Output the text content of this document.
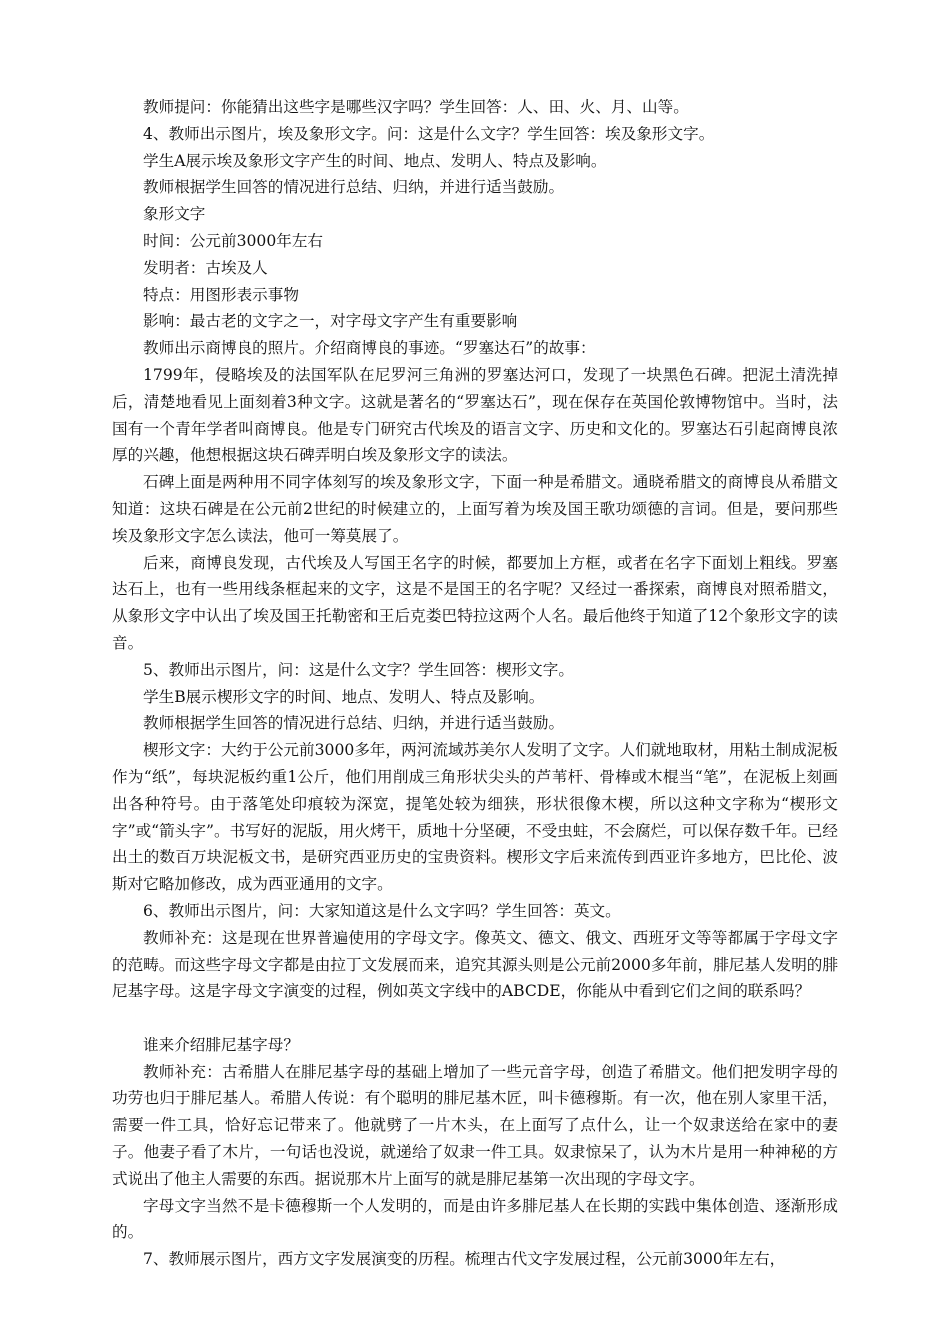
教师提问：你能猜出这些字是哪些汉字吗？学生回答：人、田、火、月、山等。

4、教师出示图片，埃及象形文字。问：这是什么文字？学生回答：埃及象形文字。

学生A展示埃及象形文字产生的时间、地点、发明人、特点及影响。

教师根据学生回答的情况进行总结、归纳，并进行适当鼓励。

象形文字

时间：公元前3000年左右

发明者：古埃及人

特点：用图形表示事物

影响：最古老的文字之一，对字母文字产生有重要影响

教师出示商博良的照片。介绍商博良的事迹。“罗塞达石”的故事：

1799年，侵略埃及的法国军队在尼罗河三角洲的罗塞达河口，发现了一块黑色石碑。把泥土清洗掉后，清楚地看见上面刻着3种文字。这就是著名的“罗塞达石”，现在保存在英国伦敦博物馆中。当时，法国有一个青年学者叫商博良。他是专门研究古代埃及的语言文字、历史和文化的。罗塞达石引起商博良浓厚的兴趣，他想根据这块石碑弄明白埃及象形文字的读法。

石碑上面是两种用不同字体刻写的埃及象形文字，下面一种是希腊文。通晓希腊文的商博良从希腊文知道：这块石碑是在公元前2世纪的时候建立的，上面写着为埃及国王歌功颂德的言词。但是，要问那些埃及象形文字怎么读法，他可一筹莫展了。

后来，商博良发现，古代埃及人写国王名字的时候，都要加上方框，或者在名字下面划上粗线。罗塞达石上，也有一些用线条框起来的文字，这是不是国王的名字呢？又经过一番探索，商博良对照希腊文，从象形文字中认出了埃及国王托勒密和王后克娄巴特拉这两个人名。最后他终于知道了12个象形文字的读音。

5、教师出示图片，问：这是什么文字？学生回答：楔形文字。

学生B展示楔形文字的时间、地点、发明人、特点及影响。

教师根据学生回答的情况进行总结、归纳，并进行适当鼓励。

楔形文字：大约于公元前3000多年，两河流域苏美尔人发明了文字。人们就地取材，用粘土制成泥板作为“纸”，每块泥板约重1公斤，他们用削成三角形状尖头的芦苇杆、骨棒或木棍当“笔”，在泥板上刻画出各种符号。由于落笔处印痕较为深宽，提笔处较为细狭，形状很像木楔，所以这种文字称为“楔形文字”或“箭头字”。书写好的泥版，用火烤干，质地十分坚硬，不受虫蛀，不会腐烂，可以保存数千年。已经出土的数百万块泥板文书，是研究西亚历史的宝贵资料。楔形文字后来流传到西亚许多地方，巴比伦、波斯对它略加修改，成为西亚通用的文字。

6、教师出示图片，问：大家知道这是什么文字吗？学生回答：英文。

教师补充：这是现在世界普遍使用的字母文字。像英文、德文、俄文、西班牙文等等都属于字母文字的范畴。而这些字母文字都是由拉丁文发展而来，追究其源头则是公元前2000多年前，腓尼基人发明的腓尼基字母。这是字母文字演变的过程，例如英文字线中的ABCDE，你能从中看到它们之间的联系吗？

谁来介绍腓尼基字母？

教师补充：古希腊人在腓尼基字母的基础上增加了一些元音字母，创造了希腊文。他们把发明字母的功劳也归于腓尼基人。希腊人传说：有个聪明的腓尼基木匠，叫卡德穆斯。有一次，他在别人家里干活，需要一件工具，恰好忘记带来了。他就劈了一片木头，在上面写了点什么，让一个奴隶送给在家中的妻子。他妻子看了木片，一句话也没说，就递给了奴隶一件工具。奴隶惊呆了，认为木片是用一种神秘的方式说出了他主人需要的东西。据说那木片上面写的就是腓尼基第一次出现的字母文字。

字母文字当然不是卡德穆斯一个人发明的，而是由许多腓尼基人在长期的实践中集体创造、逐渐形成的。

7、教师展示图片，西方文字发展演变的历程。梳理古代文字发展过程，公元前3000年左右，
